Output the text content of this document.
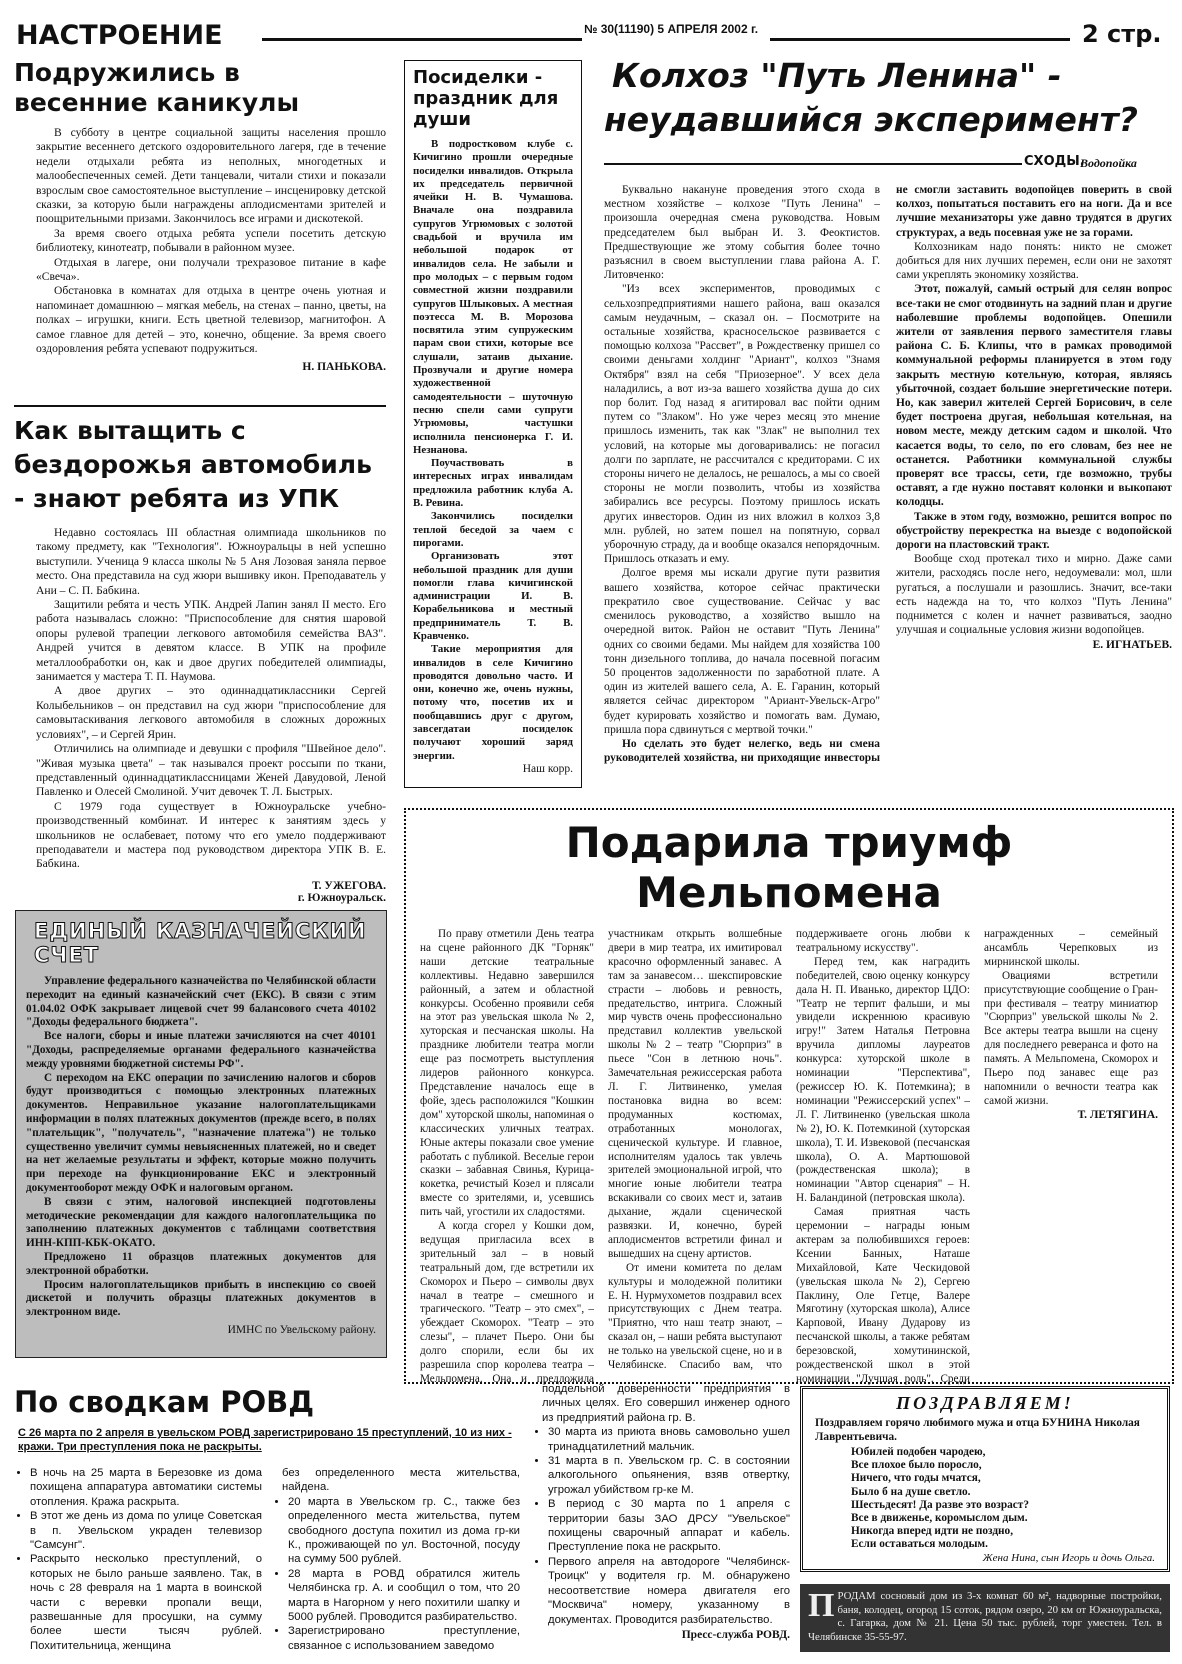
НАСТРОЕНИЕ	№ 30(11190) 5 АПРЕЛЯ 2002 г.	2 стр.
Подружились в весенние каникулы

В субботу в центре социальной защиты населения прошло закрытие весеннего детского оздоровительного лагеря, где в течение недели отдыхали ребята из неполных, многодетных и малообеспеченных семей. Дети танцевали, читали стихи и показали взрослым свое самостоятельное выступление – инсценировку детской сказки, за которую были награждены аплодисментами зрителей и поощрительными призами. Закончилось все играми и дискотекой.

За время своего отдыха ребята успели посетить детскую библиотеку, кинотеатр, побывали в районном музее.

Отдыхая в лагере, они получали трехразовое питание в кафе «Свеча».

Обстановка в комнатах для отдыха в центре очень уютная и напоминает домашнюю – мягкая мебель, на стенах – панно, цветы, на полках – игрушки, книги. Есть цветной телевизор, магнитофон. А самое главное для детей – это, конечно, общение. За время своего оздоровления ребята успевают подружиться.

Н. ПАНЬКОВА.
Как вытащить с бездорожья автомобиль - знают ребята из УПК

Недавно состоялась III областная олимпиада школьников по такому предмету, как "Технология". Южноуральцы в ней успешно выступили. Ученица 9 класса школы № 5 Аня Лозовая заняла первое место. Она представила на суд жюри вышивку икон. Преподаватель у Ани – С. П. Бабкина.

Защитили ребята и честь УПК. Андрей Лапин занял II место. Его работа называлась сложно: "Приспособление для снятия шаровой опоры рулевой трапеции легкового автомобиля семейства ВАЗ". Андрей учится в девятом классе. В УПК на профиле металлообработки он, как и двое других победителей олимпиады, занимается у мастера Т. П. Наумова.

А двое других – это одиннадцатиклассники Сергей Колыбельников – он представил на суд жюри "приспособление для самовытаскивания легкового автомобиля в сложных дорожных условиях", – и Сергей Ярин.

Отличились на олимпиаде и девушки с профиля "Швейное дело". "Живая музыка цвета" – так назывался проект россыпи по ткани, представленный одиннадцатиклассницами Женей Давудовой, Леной Павленко и Олесей Смолиной. Учит девочек Т. Л. Быстрых.

С 1979 года существует в Южноуральске учебно-производственный комбинат. И интерес к занятиям здесь у школьников не ослабевает, потому что его умело поддерживают преподаватели и мастера под руководством директора УПК В. Е. Бабкина.

Т. УЖЕГОВА.
г. Южноуральск.
ЕДИНЫЙ КАЗНАЧЕЙСКИЙ СЧЕТ

Управление федерального казначейства по Челябинской области переходит на единый казначейский счет (ЕКС). В связи с этим 01.04.02 ОФК закрывает лицевой счет 99 балансового счета 40102 "Доходы федерального бюджета".

Все налоги, сборы и иные платежи зачисляются на счет 40101 "Доходы, распределяемые органами федерального казначейства между уровнями бюджетной системы РФ".

С переходом на ЕКС операции по зачислению налогов и сборов будут производиться с помощью электронных платежных документов. Неправильное указание налогоплательщиками информации в полях платежных документов (прежде всего, в полях "плательщик", "получатель", "назначение платежа") не только существенно увеличит суммы невыясненных платежей, но и сведет на нет желаемые результаты и эффект, которые можно получить при переходе на функционирование ЕКС и электронный документооборот между ОФК и налоговым органом.

В связи с этим, налоговой инспекцией подготовлены методические рекомендации для каждого налогоплательщика по заполнению платежных документов с таблицами соответствия ИНН-КПП-КБК-ОКАТО.

Предложено 11 образцов платежных документов для электронной обработки.

Просим налогоплательщиков прибыть в инспекцию со своей дискетой и получить образцы платежных документов в электронном виде.

ИМНС по Увельскому району.
Посиделки - праздник для души

В подростковом клубе с. Кичигино прошли очередные посиделки инвалидов. Открыла их председатель первичной ячейки Н. В. Чумашова. Вначале она поздравила супругов Угрюмовых с золотой свадьбой и вручила им небольшой подарок от инвалидов села. Не забыли и про молодых – с первым годом совместной жизни поздравили супругов Шлыковых. А местная поэтесса М. В. Морозова посвятила этим супружеским парам свои стихи, которые все слушали, затаив дыхание. Прозвучали и другие номера художественной самодеятельности – шуточную песню спели сами супруги Угрюмовы, частушки исполнила пенсионерка Г. И. Незнанова.

Поучаствовать в интересных играх инвалидам предложила работник клуба А. В. Ревина.

Закончились посиделки теплой беседой за чаем с пирогами.

Организовать этот небольшой праздник для души помогли глава кичигинской администрации И. В. Корабельникова и местный предприниматель Т. В. Кравченко.

Такие мероприятия для инвалидов в селе Кичигино проводятся довольно часто. И они, конечно же, очень нужны, потому что, посетив их и пообщавшись друг с другом, завсегдатаи посиделок получают хороший заряд энергии.

Наш корр.
Колхоз "Путь Ленина" -
неудавшийся эксперимент?
СХОДЫ.
Водопойка

Буквально накануне проведения этого схода в местном хозяйстве – колхозе "Путь Ленина" – произошла очередная смена руководства. Новым председателем был выбран И. З. Феоктистов. Предшествующие же этому события более точно разъяснил в своем выступлении глава района А. Г. Литовченко:

"Из всех экспериментов, проводимых с сельхозпредприятиями нашего района, ваш оказался самым неудачным, – сказал он. – Посмотрите на остальные хозяйства, красносельское развивается с помощью колхоза "Рассвет", в Рождественку пришел со своими деньгами холдинг "Ариант", колхоз "Знамя Октября" взял на себя "Приозерное". У всех дела наладились, а вот из-за вашего хозяйства душа до сих пор болит. Год назад я агитировал вас пойти одним путем со "Злаком". Но уже через месяц это мнение пришлось изменить, так как "Злак" не выполнил тех условий, на которые мы договаривались: не погасил долги по зарплате, не рассчитался с кредиторами. С их стороны ничего не делалось, не решалось, а мы со своей стороны не могли позволить, чтобы из хозяйства забирались все ресурсы. Поэтому пришлось искать других инвесторов. Один из них вложил в колхоз 3,8 млн. рублей, но затем пошел на попятную, сорвал уборочную страду, да и вообще оказался непорядочным. Пришлось отказать и ему.

Долгое время мы искали другие пути развития вашего хозяйства, которое сейчас практически прекратило свое существование. Сейчас у вас сменилось руководство, а хозяйство вышло на очередной виток. Район не оставит "Путь Ленина" одних со своими бедами. Мы найдем для хозяйства 100 тонн дизельного топлива, до начала посевной погасим 50 процентов задолженности по заработной плате. А один из жителей вашего села, А. Е. Гаранин, который является сейчас директором "Ариант-Увельск-Агро" будет курировать хозяйство и помогать вам. Думаю, пришла пора сдвинуться с мертвой точки."

Но сделать это будет нелегко, ведь ни смена руководителей хозяйства, ни приходящие инвесторы не смогли заставить водопойцев поверить в свой колхоз, попытаться поставить его на ноги. Да и все лучшие механизаторы уже давно трудятся в других структурах, а ведь посевная уже не за горами.

Колхозникам надо понять: никто не сможет добиться для них лучших перемен, если они не захотят сами укреплять экономику хозяйства.

Этот, пожалуй, самый острый для селян вопрос все-таки не смог отодвинуть на задний план и другие наболевшие проблемы водопойцев. Опешили жители от заявления первого заместителя главы района С. Б. Клипы, что в рамках проводимой коммунальной реформы планируется в этом году закрыть местную котельную, которая, являясь убыточной, создает большие энергетические потери. Но, как заверил жителей Сергей Борисович, в селе будет построена другая, небольшая котельная, на новом месте, между детским садом и школой. Что касается воды, то село, по его словам, без нее не останется. Работники коммунальной службы проверят все трассы, сети, где возможно, трубы оставят, а где нужно поставят колонки и выкопают колодцы.

Также в этом году, возможно, решится вопрос по обустройству перекрестка на выезде с водопойской дороги на пластовский тракт.

Вообще сход протекал тихо и мирно. Даже сами жители, расходясь после него, недоумевали: мол, шли ругаться, а послушали и разошлись. Значит, все-таки есть надежда на то, что колхоз "Путь Ленина" поднимется с колен и начнет развиваться, заодно улучшая и социальные условия жизни водопойцев.

Е. ИГНАТЬЕВ.
Подарила триумф Мельпомена

По праву отметили День театра на сцене районного ДК "Горняк" наши детские театральные коллективы. Недавно завершился районный, а затем и областной конкурсы. Особенно проявили себя на этот раз увельская школа № 2, хуторская и песчанская школы. На празднике любители театра могли еще раз посмотреть выступления лидеров районного конкурса. Представление началось еще в фойе, здесь расположился "Кошкин дом" хуторской школы, напоминая о классических уличных театрах. Юные актеры показали свое умение работать с публикой. Веселые герои сказки – забавная Свинья, Курица-кокетка, речистый Козел и плясали вместе со зрителями, и, усевшись пить чай, угостили их сладостями.

А когда сгорел у Кошки дом, ведущая пригласила всех в зрительный зал – в новый театральный дом, где встретили их Скоморох и Пьеро – символы двух начал в театре – смешного и трагического. "Театр – это смех", – убеждает Скоморох. "Театр – это слезы", – плачет Пьеро. Они бы долго спорили, если бы их разрешила спор королева театра – Мельпомена. Она и предложила участникам открыть волшебные двери в мир театра, их имитировал красочно оформленный занавес. А там за занавесом… шекспировские страсти – любовь и ревность, предательство, интрига. Сложный мир чувств очень профессионально представил коллектив увельской школы № 2 – театр "Сюрприз" в пьесе "Сон в летнюю ночь". Замечательная режиссерская работа Л. Г. Литвиненко, умелая постановка видна во всем: продуманных костюмах, отработанных монологах, сценической культуре. И главное, исполнителям удалось так увлечь зрителей эмоциональной игрой, что многие юные любители театра вскакивали со своих мест и, затаив дыхание, ждали сценической развязки. И, конечно, бурей аплодисментов встретили финал и вышедших на сцену артистов.

От имени комитета по делам культуры и молодежной политики Е. Н. Нурмухометов поздравил всех присутствующих с Днем театра. "Приятно, что наш театр знают, – сказал он, – наши ребята выступают не только на увельской сцене, но и в Челябинске. Спасибо вам, что поддерживаете огонь любви к театральному искусству".

Перед тем, как наградить победителей, свою оценку конкурсу дала Н. П. Иванько, директор ЦДО: "Театр не терпит фальши, и мы увидели искреннюю красивую игру!" Затем Наталья Петровна вручила дипломы лауреатов конкурса: хуторской школе в номинации "Перспектива", (режиссер Ю. К. Потемкина); в номинации "Режиссерский успех" – Л. Г. Литвиненко (увельская школа № 2), Ю. К. Потемкиной (хуторская школа), Т. И. Извековой (песчанская школа), О. А. Мартюшовой (рождественская школа); в номинации "Автор сценария" – Н. Н. Баландиной (петровская школа).

Самая приятная часть церемонии – награды юным актерам за полюбившихся героев: Ксении Банных, Наташе Михайловой, Кате Ческидовой (увельская школа № 2), Сергею Паклину, Оле Гетце, Валере Мяготину (хуторская школа), Алисе Карповой, Ивану Дударову из песчанской школы, а также ребятам березовской, хомутининской, рождественской школ в этой номинации "Лучшая роль". Среди награжденных – семейный ансамбль Черепковых из мирнинской школы.

Овациями встретили присутствующие сообщение о Гран-при фестиваля – театру миниатюр "Сюрприз" увельской школы № 2. Все актеры театра вышли на сцену для последнего реверанса и фото на память. А Мельпомена, Скоморох и Пьеро под занавес еще раз напомнили о вечности театра как самой жизни.

Т. ЛЕТЯГИНА.
По сводкам РОВД
С 26 марта по 2 апреля в увельском РОВД зарегистрировано 15 преступлений, 10 из них - кражи. Три преступления пока не раскрыты.
• В ночь на 25 марта в Березовке из дома похищена аппаратура автоматики системы отопления. Кража раскрыта.
• В этот же день из дома по улице Советская в п. Увельском украден телевизор "Самсунг".
• Раскрыто несколько преступлений, о которых не было раньше заявлено. Так, в ночь с 28 февраля на 1 марта в воинской части с веревки пропали вещи, развешанные для просушки, на сумму более шести тысяч рублей. Похитительница, женщина
без определенного места жительства, найдена.
• 20 марта в Увельском гр. С., также без определенного места жительства, путем свободного доступа похитил из дома гр-ки К., проживающей по ул. Восточной, посуду на сумму 500 рублей.
• 28 марта в РОВД обратился житель Челябинска гр. А. и сообщил о том, что 20 марта в Нагорном у него похитили шапку и 5000 рублей. Проводится разбирательство.
• Зарегистрировано преступление, связанное с использованием заведомо
поддельной доверенности предприятия в личных целях. Его совершил инженер одного из предприятий района гр. В.
• 30 марта из приюта вновь самовольно ушел тринадцатилетний мальчик.
• 31 марта в п. Увельском гр. С. в состоянии алкогольного опьянения, взяв отвертку, угрожал убийством гр-ке М.
• В период с 30 марта по 1 апреля с территории базы ЗАО ДРСУ "Увельское" похищены сварочный аппарат и кабель. Преступление пока не раскрыто.
• Первого апреля на автодороге "Челябинск-Троицк" у водителя гр. М. обнаружено несоответствие номера двигателя его "Москвича" номеру, указанному в документах. Проводится разбирательство.
Пресс-служба РОВД.
ПОЗДРАВЛЯЕМ!
Поздравляем горячо любимого мужа и отца БУНИНА Николая Лаврентьевича.
Юбилей подобен чародею,
Все плохое было порослo,
Ничего, что годы мчатся,
Было б на душе светло.
Шестьдесят! Да разве это возраст?
Все в движенье, коромыслом дым.
Никогда вперед идти не поздно,
Если оставаться молодым.
Жена Нина, сын Игорь и дочь Ольга.
П РОДАМ сосновый дом из 3-х комнат 60 м², надворные постройки, баня, колодец, огород 15 соток, рядом озеро, 20 км от Южноуральска, с. Гагарка, дом № 21. Цена 50 тыс. рублей, торг уместен. Тел. в Челябинске 35-55-97.
